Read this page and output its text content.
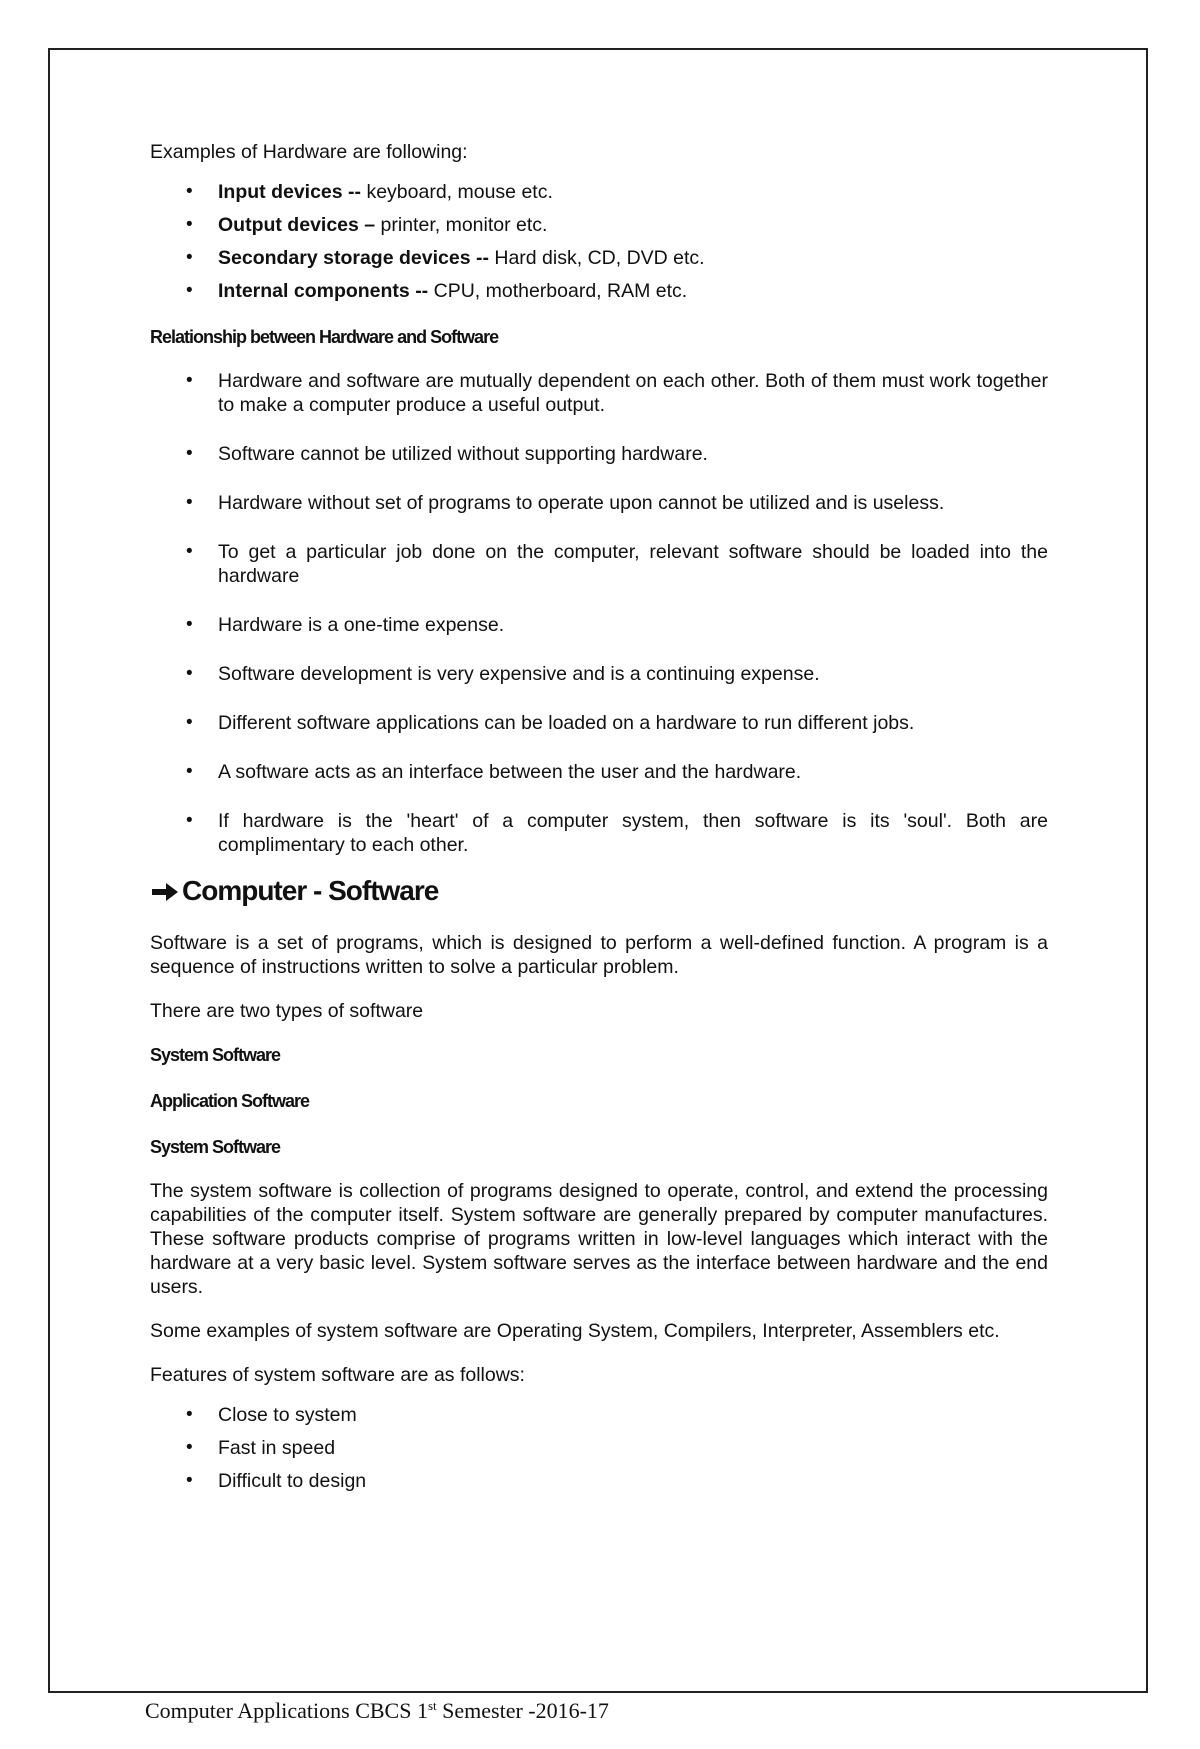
Examples of Hardware are following:

• Input devices -- keyboard, mouse etc.
• Output devices – printer, monitor etc.
• Secondary storage devices -- Hard disk, CD, DVD etc.
• Internal components -- CPU, motherboard, RAM etc.

Relationship between Hardware and Software

• Hardware and software are mutually dependent on each other. Both of them must work together to make a computer produce a useful output.
• Software cannot be utilized without supporting hardware.
• Hardware without set of programs to operate upon cannot be utilized and is useless.
• To get a particular job done on the computer, relevant software should be loaded into the hardware
• Hardware is a one-time expense.
• Software development is very expensive and is a continuing expense.
• Different software applications can be loaded on a hardware to run different jobs.
• A software acts as an interface between the user and the hardware.
• If hardware is the 'heart' of a computer system, then software is its 'soul'. Both are complimentary to each other.
Computer - Software

Software is a set of programs, which is designed to perform a well-defined function. A program is a sequence of instructions written to solve a particular problem.

There are two types of software

System Software

Application Software

System Software

The system software is collection of programs designed to operate, control, and extend the processing capabilities of the computer itself. System software are generally prepared by computer manufactures. These software products comprise of programs written in low-level languages which interact with the hardware at a very basic level. System software serves as the interface between hardware and the end users.

Some examples of system software are Operating System, Compilers, Interpreter, Assemblers etc.

Features of system software are as follows:

• Close to system
• Fast in speed
• Difficult to design
Computer Applications CBCS 1st Semester -2016-17
